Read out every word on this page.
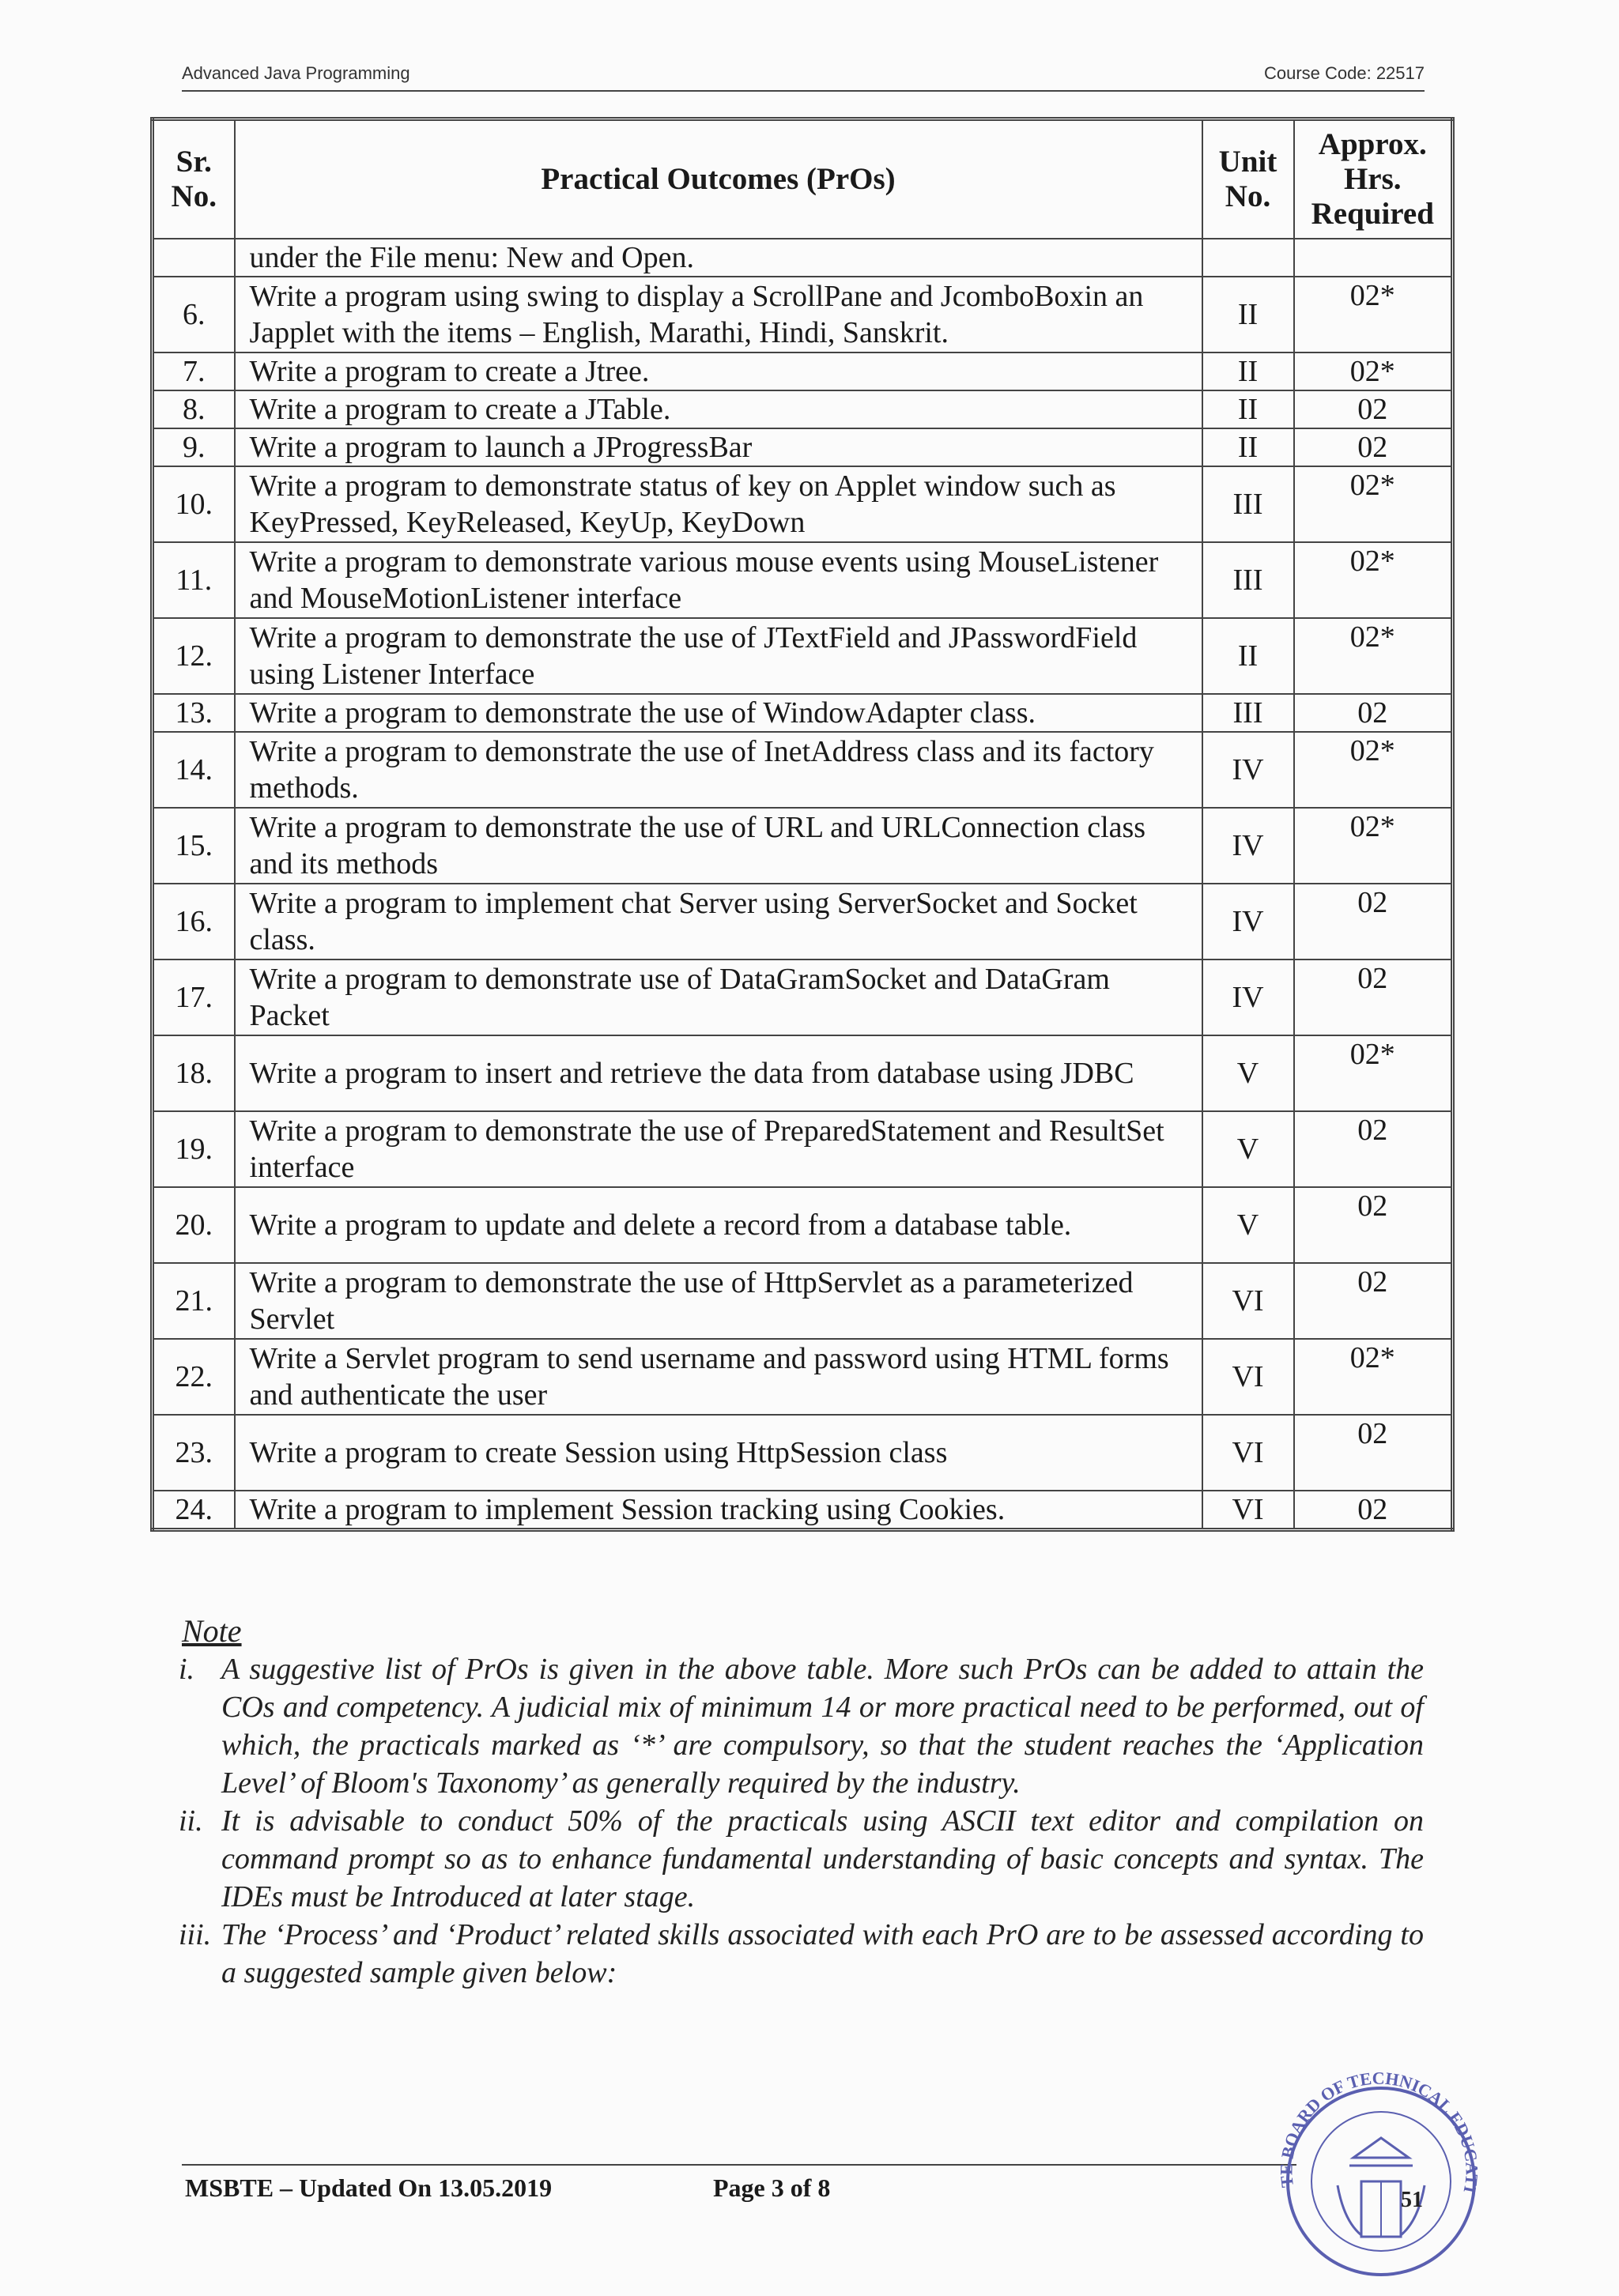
Advanced Java Programming	Course Code: 22517
Sr. No.	Practical Outcomes (PrOs)	Unit No.	Approx. Hrs. Required
	under the File menu: New and Open.		
6.	Write a program using swing to display a ScrollPane and JcomboBoxin an Japplet with the items – English, Marathi, Hindi, Sanskrit.	II	02*
7.	Write a program to create a Jtree.	II	02*
8.	Write a program to create a JTable.	II	02
9.	Write a program to launch a JProgressBar	II	02
10.	Write a program to demonstrate status of key on Applet window such as KeyPressed, KeyReleased, KeyUp, KeyDown	III	02*
11.	Write a program to demonstrate various mouse events using MouseListener and MouseMotionListener interface	III	02*
12.	Write a program to demonstrate the use of JTextField and JPasswordField using Listener Interface	II	02*
13.	Write a program to demonstrate the use of WindowAdapter class.	III	02
14.	Write a program to demonstrate the use of InetAddress class and its factory methods.	IV	02*
15.	Write a program to demonstrate the use of URL and URLConnection class and its methods	IV	02*
16.	Write a program to implement chat Server using ServerSocket and Socket class.	IV	02
17.	Write a program to demonstrate use of DataGramSocket and DataGram Packet	IV	02
18.	Write a program to insert and retrieve the data from database using JDBC	V	02*
19.	Write a program to demonstrate the use of PreparedStatement and ResultSet interface	V	02
20.	Write a program to update and delete a record from a database table.	V	02
21.	Write a program to demonstrate the use of HttpServlet as a parameterized Servlet	VI	02
22.	Write a Servlet program to send username and password using HTML forms and authenticate the user	VI	02*
23.	Write a program to create Session using HttpSession class	VI	02
24.	Write a program to implement Session tracking using Cookies.	VI	02
Note
i. A suggestive list of PrOs is given in the above table. More such PrOs can be added to attain the COs and competency. A judicial mix of minimum 14 or more practical need to be performed, out of which, the practicals marked as ‘*’ are compulsory, so that the student reaches the ‘Application Level’ of Bloom's Taxonomy’ as generally required by the industry.
ii. It is advisable to conduct 50% of the practicals using ASCII text editor and compilation on command prompt so as to enhance fundamental understanding of basic concepts and syntax. The IDEs must be Introduced at later stage.
iii. The ‘Process’ and ‘Product’ related skills associated with each PrO are to be assessed according to a suggested sample given below:
MSBTE – Updated On 13.05.2019	Page 3 of 8	TE BOARD OF TECHNICAL EDUCATI
51
